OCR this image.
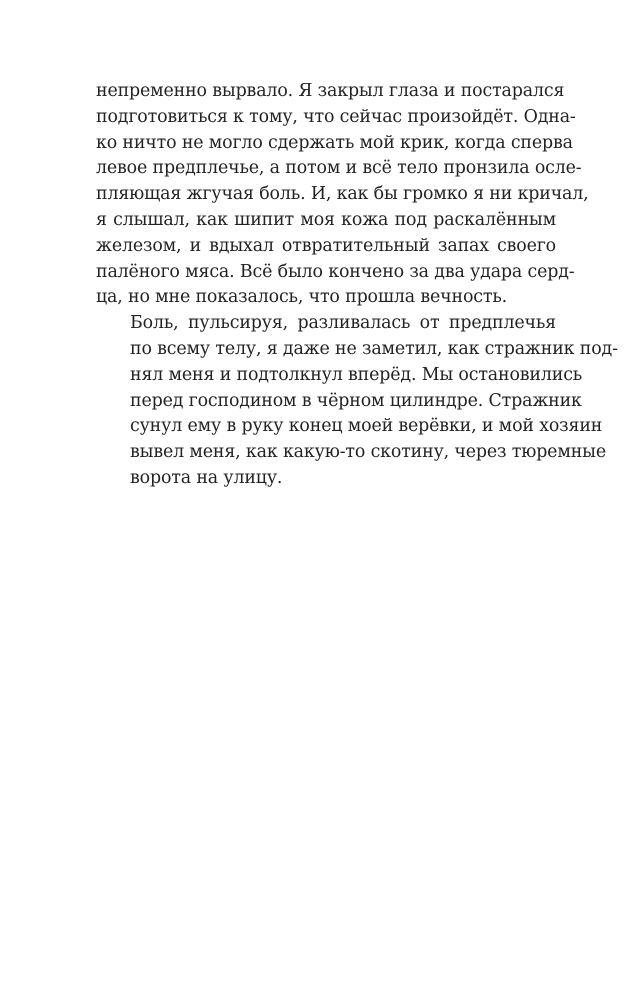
непременно вырвало. Я закрыл глаза и постарался
подготовиться к тому, что сейчас произойдёт. Одна-
ко ничто не могло сдержать мой крик, когда сперва
левое предплечье, а потом и всё тело пронзила осле-
пляющая жгучая боль. И, как бы громко я ни кричал,
я слышал, как шипит моя кожа под раскалённым
железом, и вдыхал отвратительный запах своего
палёного мяса. Всё было кончено за два удара серд-
ца, но мне показалось, что прошла вечность.
Боль, пульсируя, разливалась от предплечья
по всему телу, я даже не заметил, как стражник под-
нял меня и подтолкнул вперёд. Мы остановились
перед господином в чёрном цилиндре. Стражник
сунул ему в руку конец моей верёвки, и мой хозяин
вывел меня, как какую-то скотину, через тюремные
ворота на улицу.
